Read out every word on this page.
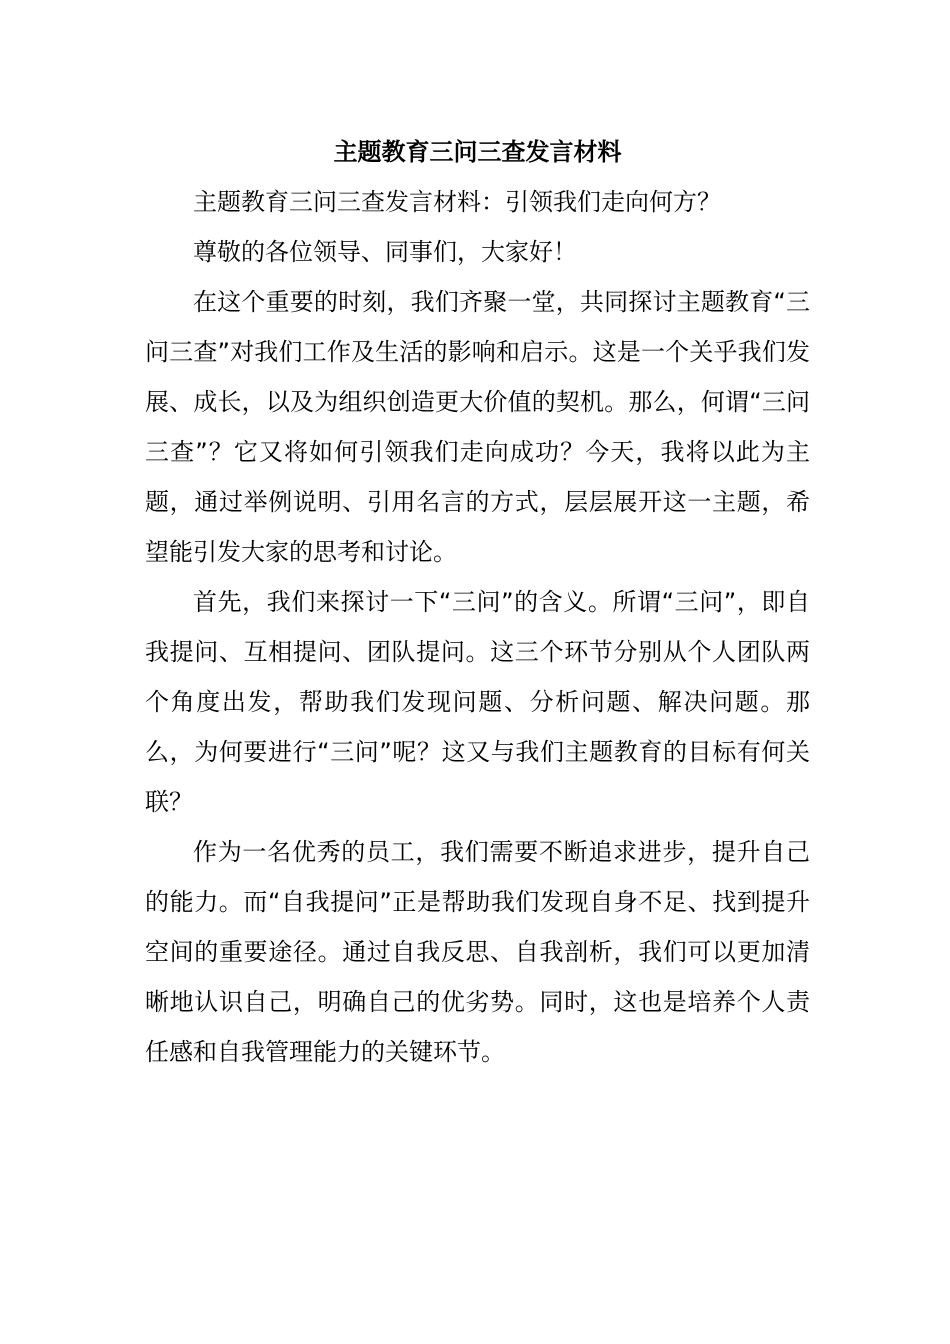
主题教育三问三查发言材料

主题教育三问三查发言材料：引领我们走向何方？

尊敬的各位领导、同事们，大家好！

在这个重要的时刻，我们齐聚一堂，共同探讨主题教育“三问三查”对我们工作及生活的影响和启示。这是一个关乎我们发展、成长，以及为组织创造更大价值的契机。那么，何谓“三问三查”？它又将如何引领我们走向成功？今天，我将以此为主题，通过举例说明、引用名言的方式，层层展开这一主题，希望能引发大家的思考和讨论。

首先，我们来探讨一下“三问”的含义。所谓“三问”，即自我提问、互相提问、团队提问。这三个环节分别从个人团队两个角度出发，帮助我们发现问题、分析问题、解决问题。那么，为何要进行“三问”呢？这又与我们主题教育的目标有何关联？

作为一名优秀的员工，我们需要不断追求进步，提升自己的能力。而“自我提问”正是帮助我们发现自身不足、找到提升空间的重要途径。通过自我反思、自我剖析，我们可以更加清晰地认识自己，明确自己的优劣势。同时，这也是培养个人责任感和自我管理能力的关键环节。
